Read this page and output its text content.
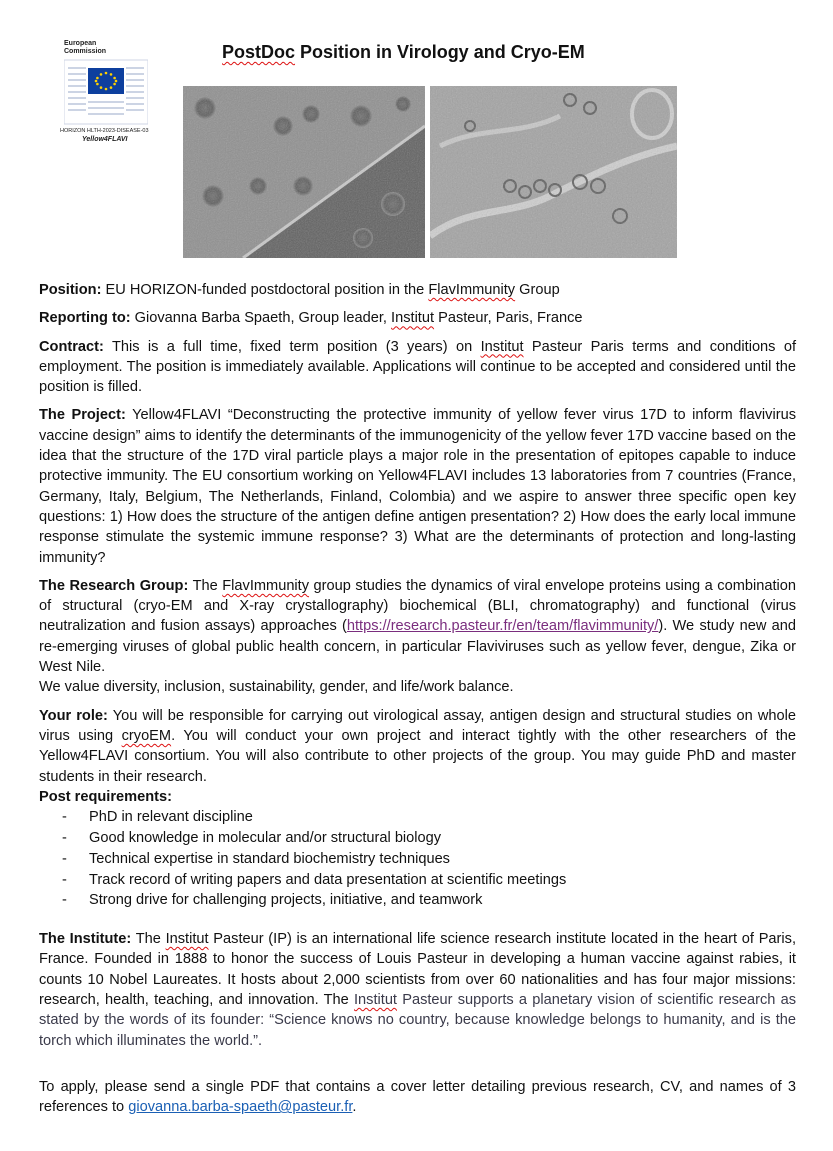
European
Commission
HORIZON HLTH-2023-DISEASE-03
Yellow4FLAVI
PostDoc Position in Virology and Cryo-EM

Position: EU HORIZON-funded postdoctoral position in the FlavImmunity Group

Reporting to: Giovanna Barba Spaeth, Group leader, Institut Pasteur, Paris, France

Contract: This is a full time, fixed term position (3 years) on Institut Pasteur Paris terms and conditions of employment. The position is immediately available. Applications will continue to be accepted and considered until the position is filled.

The Project: Yellow4FLAVI “Deconstructing the protective immunity of yellow fever virus 17D to inform flavivirus vaccine design” aims to identify the determinants of the immunogenicity of the yellow fever 17D vaccine based on the idea that the structure of the 17D viral particle plays a major role in the presentation of epitopes capable to induce protective immunity. The EU consortium working on Yellow4FLAVI includes 13 laboratories from 7 countries (France, Germany, Italy, Belgium, The Netherlands, Finland, Colombia) and we aspire to answer three specific open key questions: 1) How does the structure of the antigen define antigen presentation? 2) How does the early local immune response stimulate the systemic immune response? 3) What are the determinants of protection and long-lasting immunity?

The Research Group: The FlavImmunity group studies the dynamics of viral envelope proteins using a combination of structural (cryo-EM and X-ray crystallography) biochemical (BLI, chromatography) and functional (virus neutralization and fusion assays) approaches (https://research.pasteur.fr/en/team/flavimmunity/). We study new and re-emerging viruses of global public health concern, in particular Flaviviruses such as yellow fever, dengue, Zika or West Nile.

We value diversity, inclusion, sustainability, gender, and life/work balance.

Your role: You will be responsible for carrying out virological assay, antigen design and structural studies on whole virus using cryoEM. You will conduct your own project and interact tightly with the other researchers of the Yellow4FLAVI consortium. You will also contribute to other projects of the group. You may guide PhD and master students in their research.

Post requirements:

- PhD in relevant discipline
- Good knowledge in molecular and/or structural biology
- Technical expertise in standard biochemistry techniques
- Track record of writing papers and data presentation at scientific meetings
- Strong drive for challenging projects, initiative, and teamwork

The Institute: The Institut Pasteur (IP) is an international life science research institute located in the heart of Paris, France. Founded in 1888 to honor the success of Louis Pasteur in developing a human vaccine against rabies, it counts 10 Nobel Laureates. It hosts about 2,000 scientists from over 60 nationalities and has four major missions: research, health, teaching, and innovation. The Institut Pasteur supports a planetary vision of scientific research as stated by the words of its founder: “Science knows no country, because knowledge belongs to humanity, and is the torch which illuminates the world.”.

To apply, please send a single PDF that contains a cover letter detailing previous research, CV, and names of 3 references to giovanna.barba-spaeth@pasteur.fr.
